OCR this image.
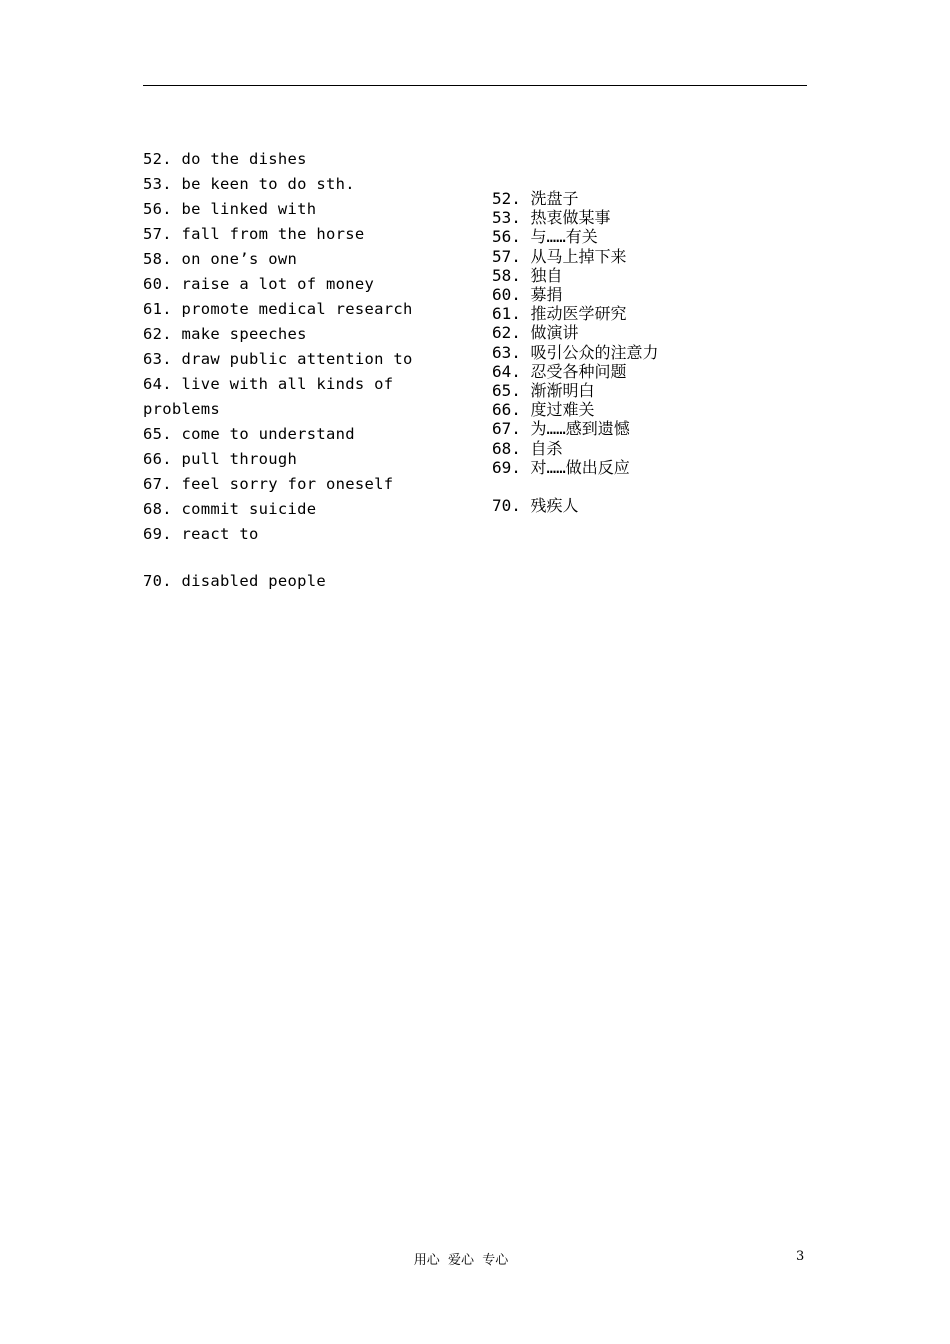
52. do the dishes

53. be keen to do sth.

56. be linked with

57. fall from the horse

58. on one’s own

60. raise a lot of money

61. promote medical research

62. make speeches

63. draw public attention to

64. live with all kinds of problems

65. come to understand

66. pull through

67. feel sorry for oneself

68. commit suicide

69. react to

70. disabled people

52. 洗盘子

53. 热衷做某事

56. 与……有关

57. 从马上掉下来

58. 独自

60. 募捐

61. 推动医学研究

62. 做演讲

63. 吸引公众的注意力

64. 忍受各种问题

65. 渐渐明白

66. 度过难关

67. 为……感到遗憾

68. 自杀

69. 对……做出反应

70. 残疾人

用心  爱心  专心	3
